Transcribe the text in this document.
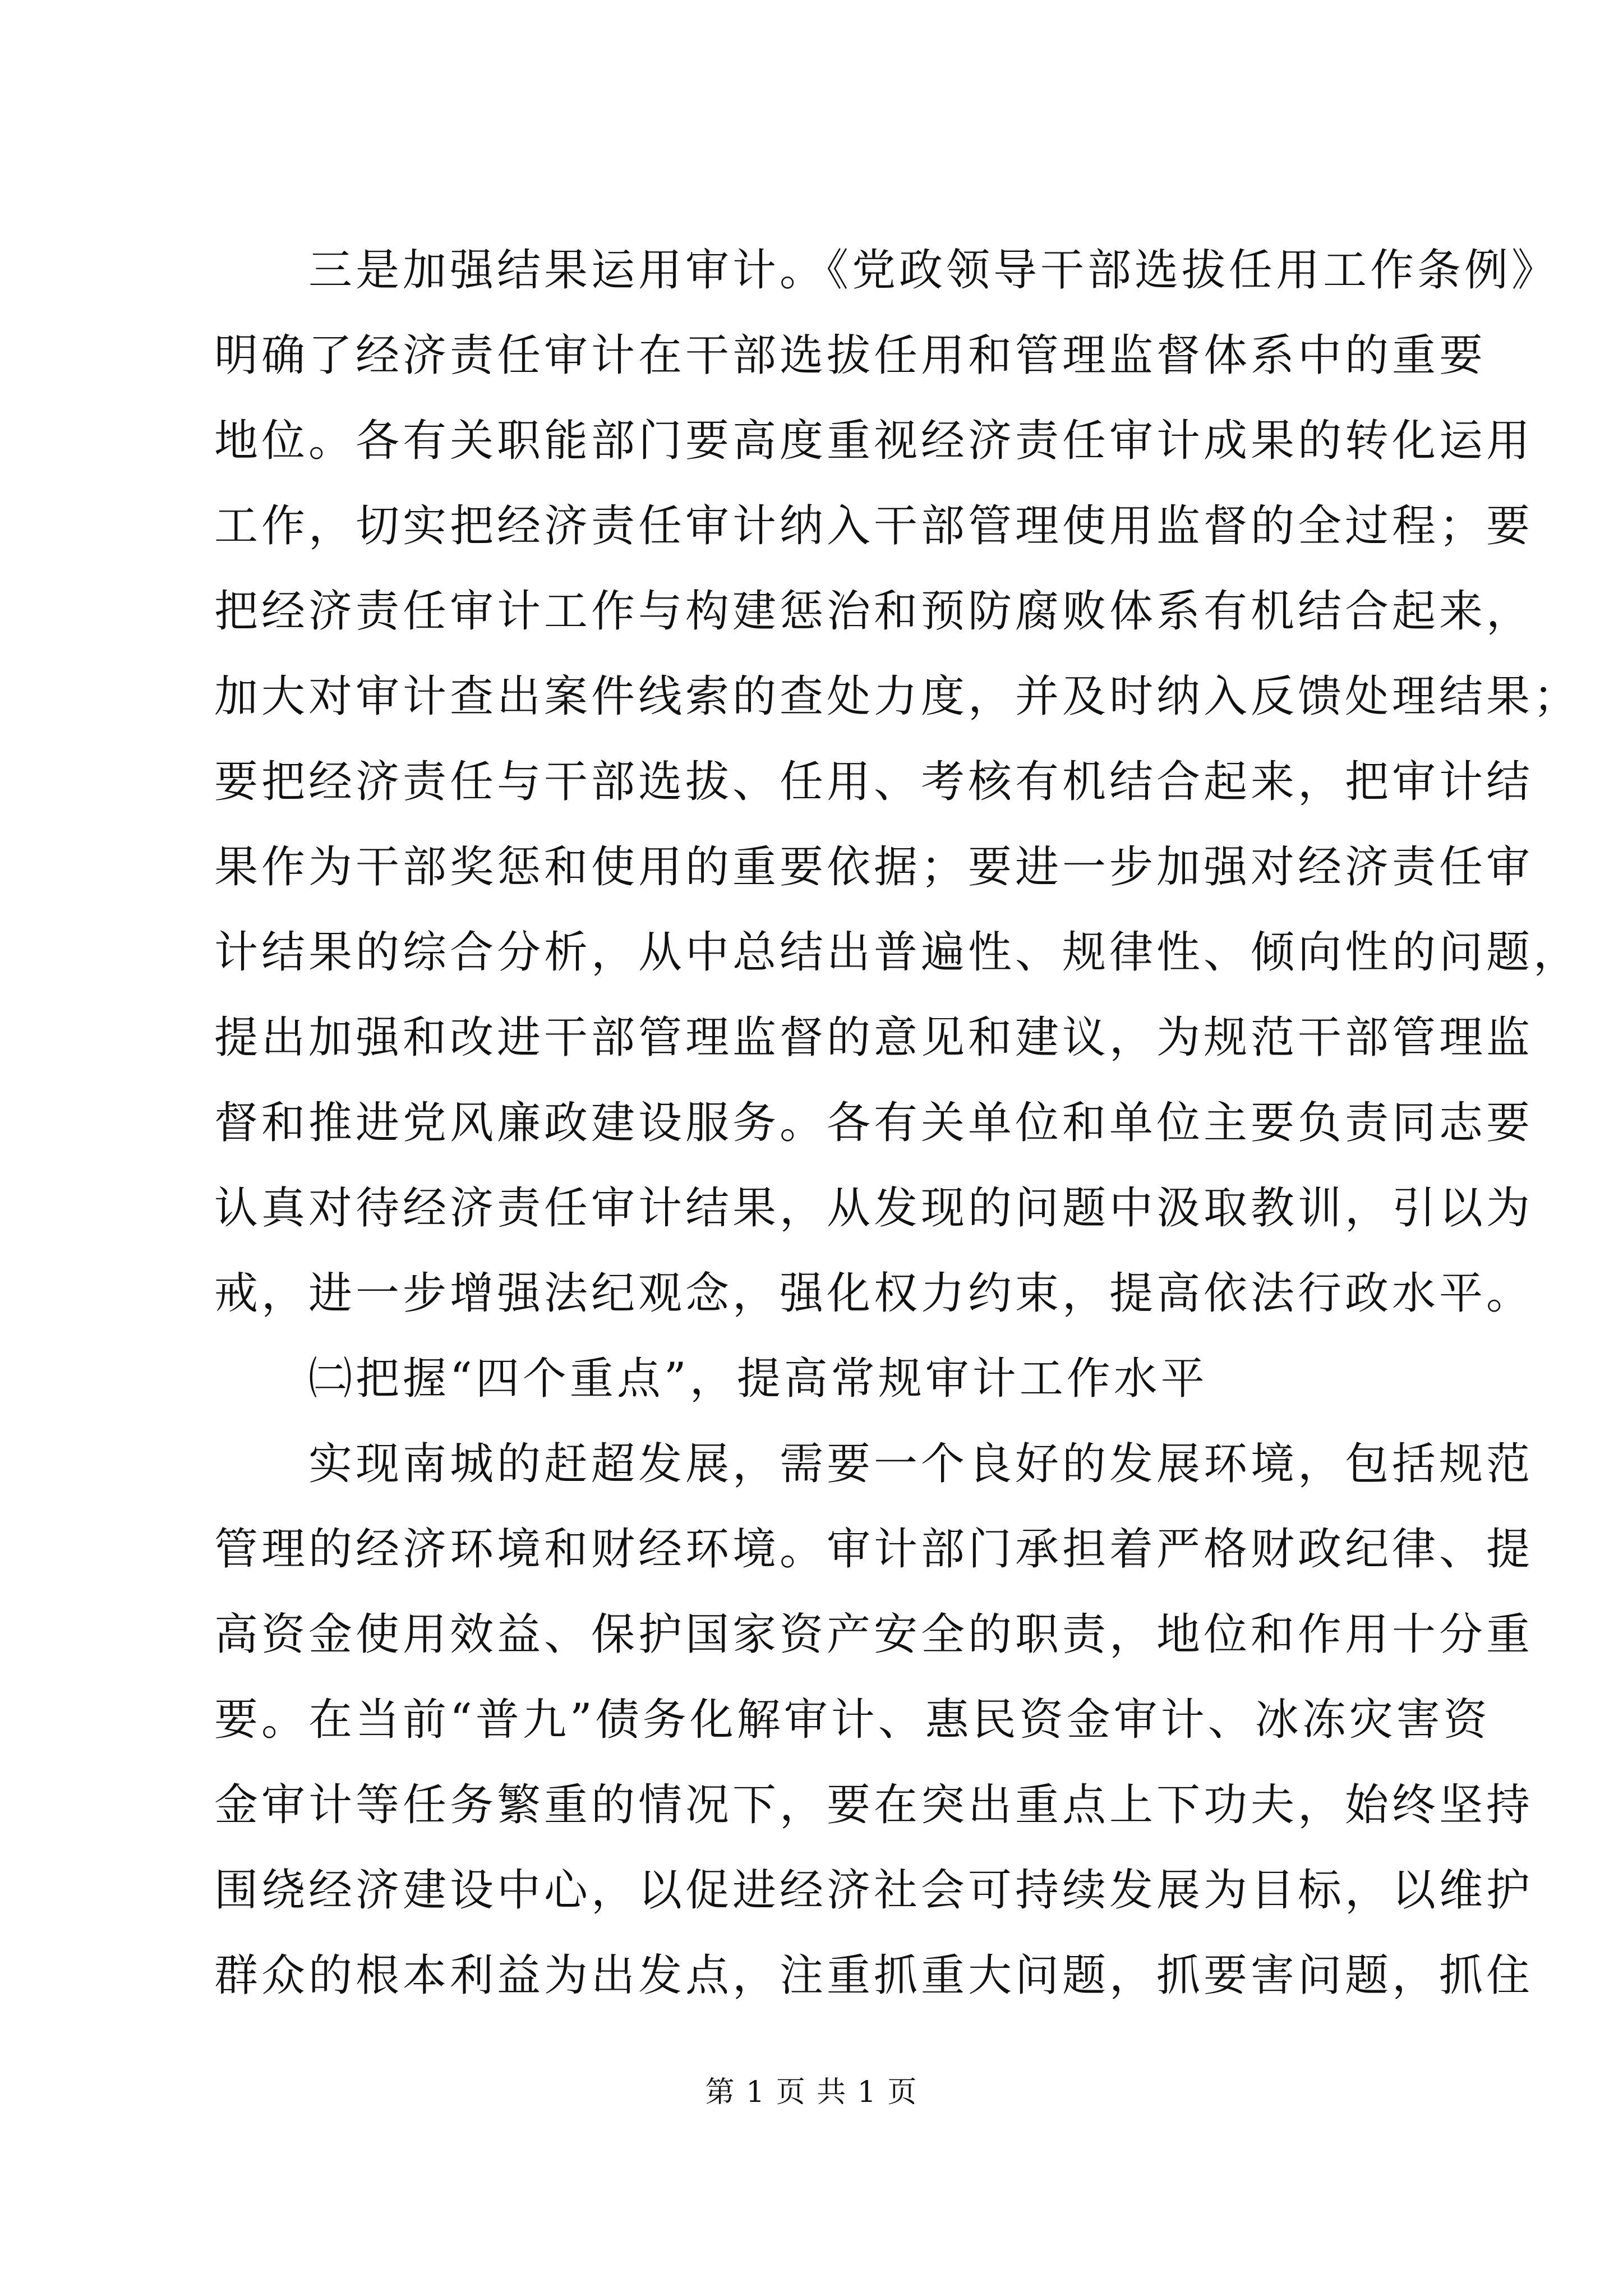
　　三是加强结果运用审计。《党政领导干部选拔任用工作条例》
明确了经济责任审计在干部选拔任用和管理监督体系中的重要
地位。各有关职能部门要高度重视经济责任审计成果的转化运用
工作，切实把经济责任审计纳入干部管理使用监督的全过程；要
把经济责任审计工作与构建惩治和预防腐败体系有机结合起来，
加大对审计查出案件线索的查处力度，并及时纳入反馈处理结果；
要把经济责任与干部选拔、任用、考核有机结合起来，把审计结
果作为干部奖惩和使用的重要依据；要进一步加强对经济责任审
计结果的综合分析，从中总结出普遍性、规律性、倾向性的问题，
提出加强和改进干部管理监督的意见和建议，为规范干部管理监
督和推进党风廉政建设服务。各有关单位和单位主要负责同志要
认真对待经济责任审计结果，从发现的问题中汲取教训，引以为
戒，进一步增强法纪观念，强化权力约束，提高依法行政水平。
　　㈡把握“四个重点”，提高常规审计工作水平
　　实现南城的赶超发展，需要一个良好的发展环境，包括规范
管理的经济环境和财经环境。审计部门承担着严格财政纪律、提
高资金使用效益、保护国家资产安全的职责，地位和作用十分重
要。在当前“普九”债务化解审计、惠民资金审计、冰冻灾害资
金审计等任务繁重的情况下，要在突出重点上下功夫，始终坚持
围绕经济建设中心，以促进经济社会可持续发展为目标，以维护
群众的根本利益为出发点，注重抓重大问题，抓要害问题，抓住
第 1 页 共 1 页
